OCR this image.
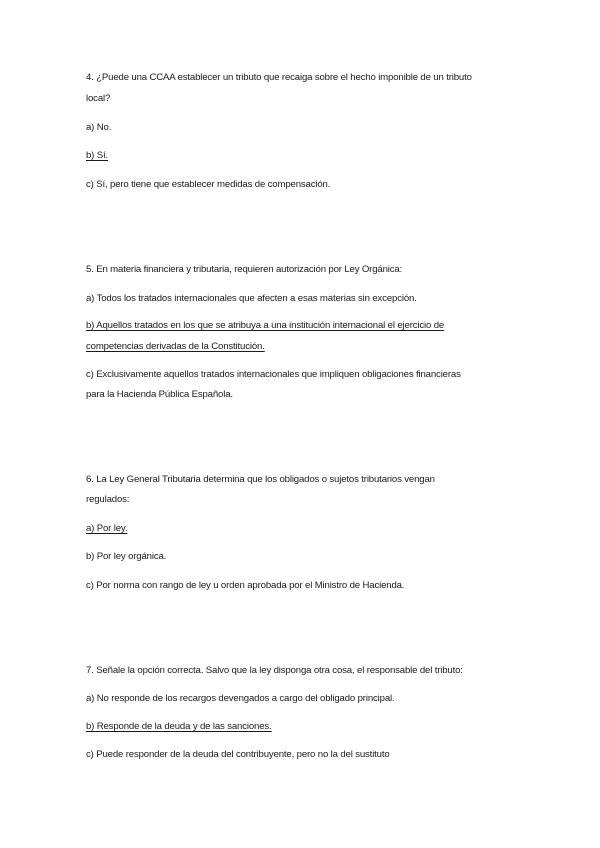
4. ¿Puede una CCAA establecer un tributo que recaiga sobre el hecho imponible de un tributo
local?
a) No.
b) Sí.
c) Sí, pero tiene que establecer medidas de compensación.
5. En materia financiera y tributaria, requieren autorización por Ley Orgánica:
a) Todos los tratados internacionales que afecten a esas materias sin excepción.
b) Aquellos tratados en los que se atribuya a una institución internacional el ejercicio de
competencias derivadas de la Constitución.
c) Exclusivamente aquellos tratados internacionales que impliquen obligaciones financieras
para la Hacienda Pública Española.
6. La Ley General Tributaria determina que los obligados o sujetos tributarios vengan
regulados:
a) Por ley.
b) Por ley orgánica.
c) Por norma con rango de ley u orden aprobada por el Ministro de Hacienda.
7. Señale la opción correcta. Salvo que la ley disponga otra cosa, el responsable del tributo:
a) No responde de los recargos devengados a cargo del obligado principal.
b) Responde de la deuda y de las sanciones.
c) Puede responder de la deuda del contribuyente, pero no la del sustituto
